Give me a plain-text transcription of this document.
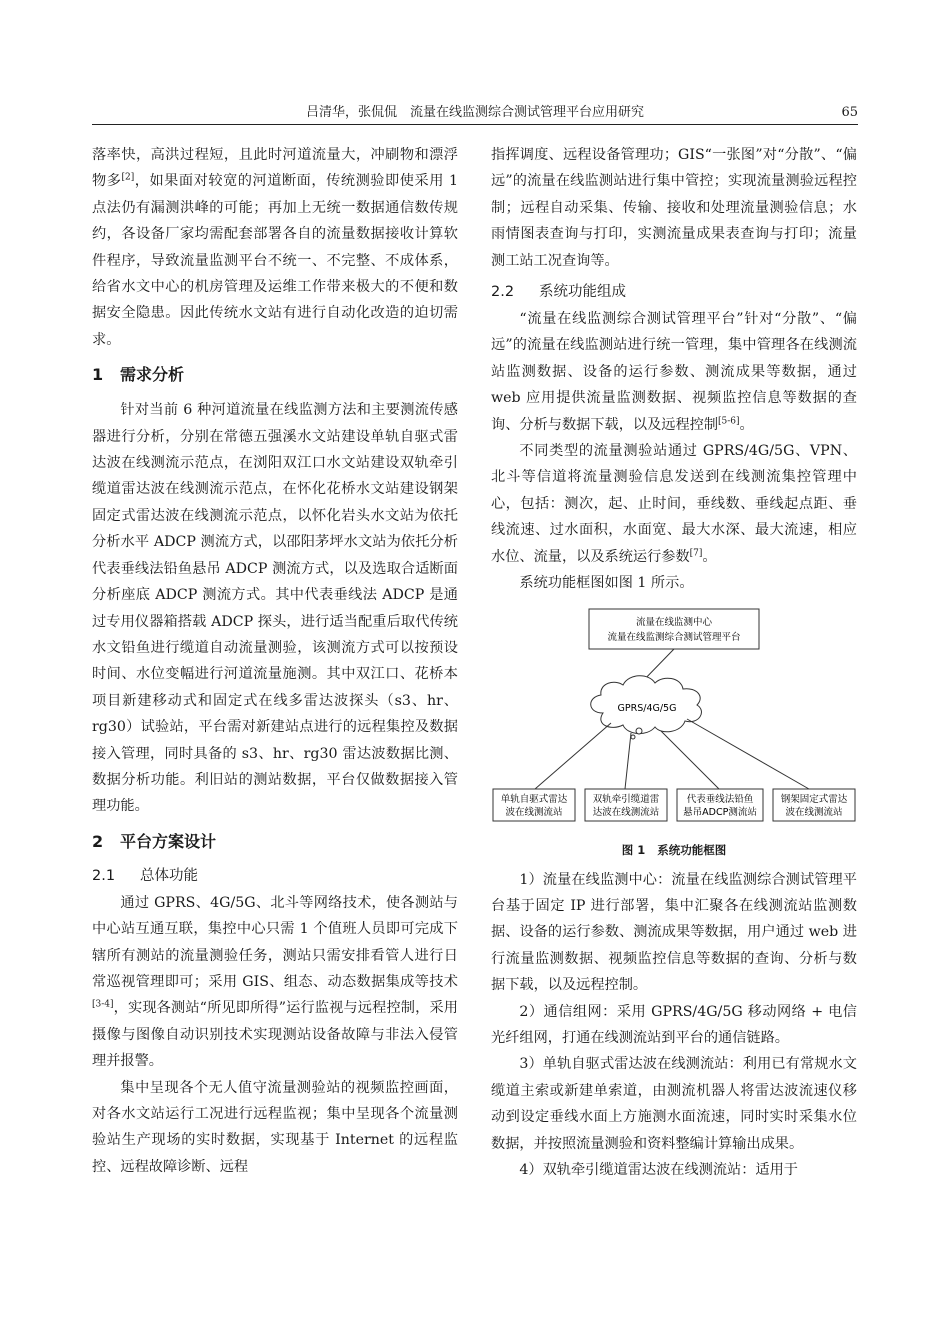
吕清华，张侃侃　流量在线监测综合测试管理平台应用研究	65

落率快，高洪过程短，且此时河道流量大，冲刷物和漂浮物多[2]，如果面对较宽的河道断面，传统测验即使采用 1 点法仍有漏测洪峰的可能；再加上无统一数据通信数传规约，各设备厂家均需配套部署各自的流量数据接收计算软件程序，导致流量监测平台不统一、不完整、不成体系，给省水文中心的机房管理及运维工作带来极大的不便和数据安全隐患。因此传统水文站有进行自动化改造的迫切需求。

1 需求分析

针对当前 6 种河道流量在线监测方法和主要测流传感器进行分析，分别在常德五强溪水文站建设单轨自驱式雷达波在线测流示范点，在浏阳双江口水文站建设双轨牵引缆道雷达波在线测流示范点，在怀化花桥水文站建设钢架固定式雷达波在线测流示范点，以怀化岩头水文站为依托分析水平 ADCP 测流方式，以邵阳茅坪水文站为依托分析代表垂线法铅鱼悬吊 ADCP 测流方式，以及选取合适断面分析座底 ADCP 测流方式。其中代表垂线法 ADCP 是通过专用仪器箱搭载 ADCP 探头，进行适当配重后取代传统水文铅鱼进行缆道自动流量测验，该测流方式可以按预设时间、水位变幅进行河道流量施测。其中双江口、花桥本项目新建移动式和固定式在线多雷达波探头（s3、hr、rg30）试验站，平台需对新建站点进行的远程集控及数据接入管理，同时具备的 s3、hr、rg30 雷达波数据比测、数据分析功能。利旧站的测站数据，平台仅做数据接入管理功能。

2 平台方案设计
2.1 总体功能

通过 GPRS、4G/5G、北斗等网络技术，使各测站与中心站互通互联，集控中心只需 1 个值班人员即可完成下辖所有测站的流量测验任务，测站只需安排看管人进行日常巡视管理即可；采用 GIS、组态、动态数据集成等技术[3-4]，实现各测站“所见即所得”运行监视与远程控制，采用摄像与图像自动识别技术实现测站设备故障与非法入侵管理并报警。

集中呈现各个无人值守流量测验站的视频监控画面，对各水文站运行工况进行远程监视；集中呈现各个流量测验站生产现场的实时数据，实现基于 Internet 的远程监控、远程故障诊断、远程

指挥调度、远程设备管理功；GIS“一张图”对“分散”、“偏远”的流量在线监测站进行集中管控；实现流量测验远程控制；远程自动采集、传输、接收和处理流量测验信息；水雨情图表查询与打印，实测流量成果表查询与打印；流量测工站工况查询等。

2.2 系统功能组成

“流量在线监测综合测试管理平台”针对“分散”、“偏远”的流量在线监测站进行统一管理，集中管理各在线测流站监测数据、设备的运行参数、测流成果等数据，通过 web 应用提供流量监测数据、视频监控信息等数据的查询、分析与数据下载，以及远程控制[5-6]。

不同类型的流量测验站通过 GPRS/4G/5G、VPN、北斗等信道将流量测验信息发送到在线测流集控管理中心，包括：测次，起、止时间，垂线数、垂线起点距、垂线流速、过水面积，水面宽、最大水深、最大流速，相应水位、流量，以及系统运行参数[7]。

系统功能框图如图 1 所示。

流量在线监测中心
流量在线监测综合测试管理平台
GPRS/4G/5G
单轨自驱式雷达
波在线测流站
双轨牵引缆道雷
达波在线测流站
代表垂线法铅鱼
悬吊ADCP测流站
钢架固定式雷达
波在线测流站
图 1 系统功能框图

1）流量在线监测中心：流量在线监测综合测试管理平台基于固定 IP 进行部署，集中汇聚各在线测流站监测数据、设备的运行参数、测流成果等数据，用户通过 web 进行流量监测数据、视频监控信息等数据的查询、分析与数据下载，以及远程控制。

2）通信组网：采用 GPRS/4G/5G 移动网络 + 电信光纤组网，打通在线测流站到平台的通信链路。

3）单轨自驱式雷达波在线测流站：利用已有常规水文缆道主索或新建单索道，由测流机器人将雷达波流速仪移动到设定垂线水面上方施测水面流速，同时实时采集水位数据，并按照流量测验和资料整编计算输出成果。

4）双轨牵引缆道雷达波在线测流站：适用于
